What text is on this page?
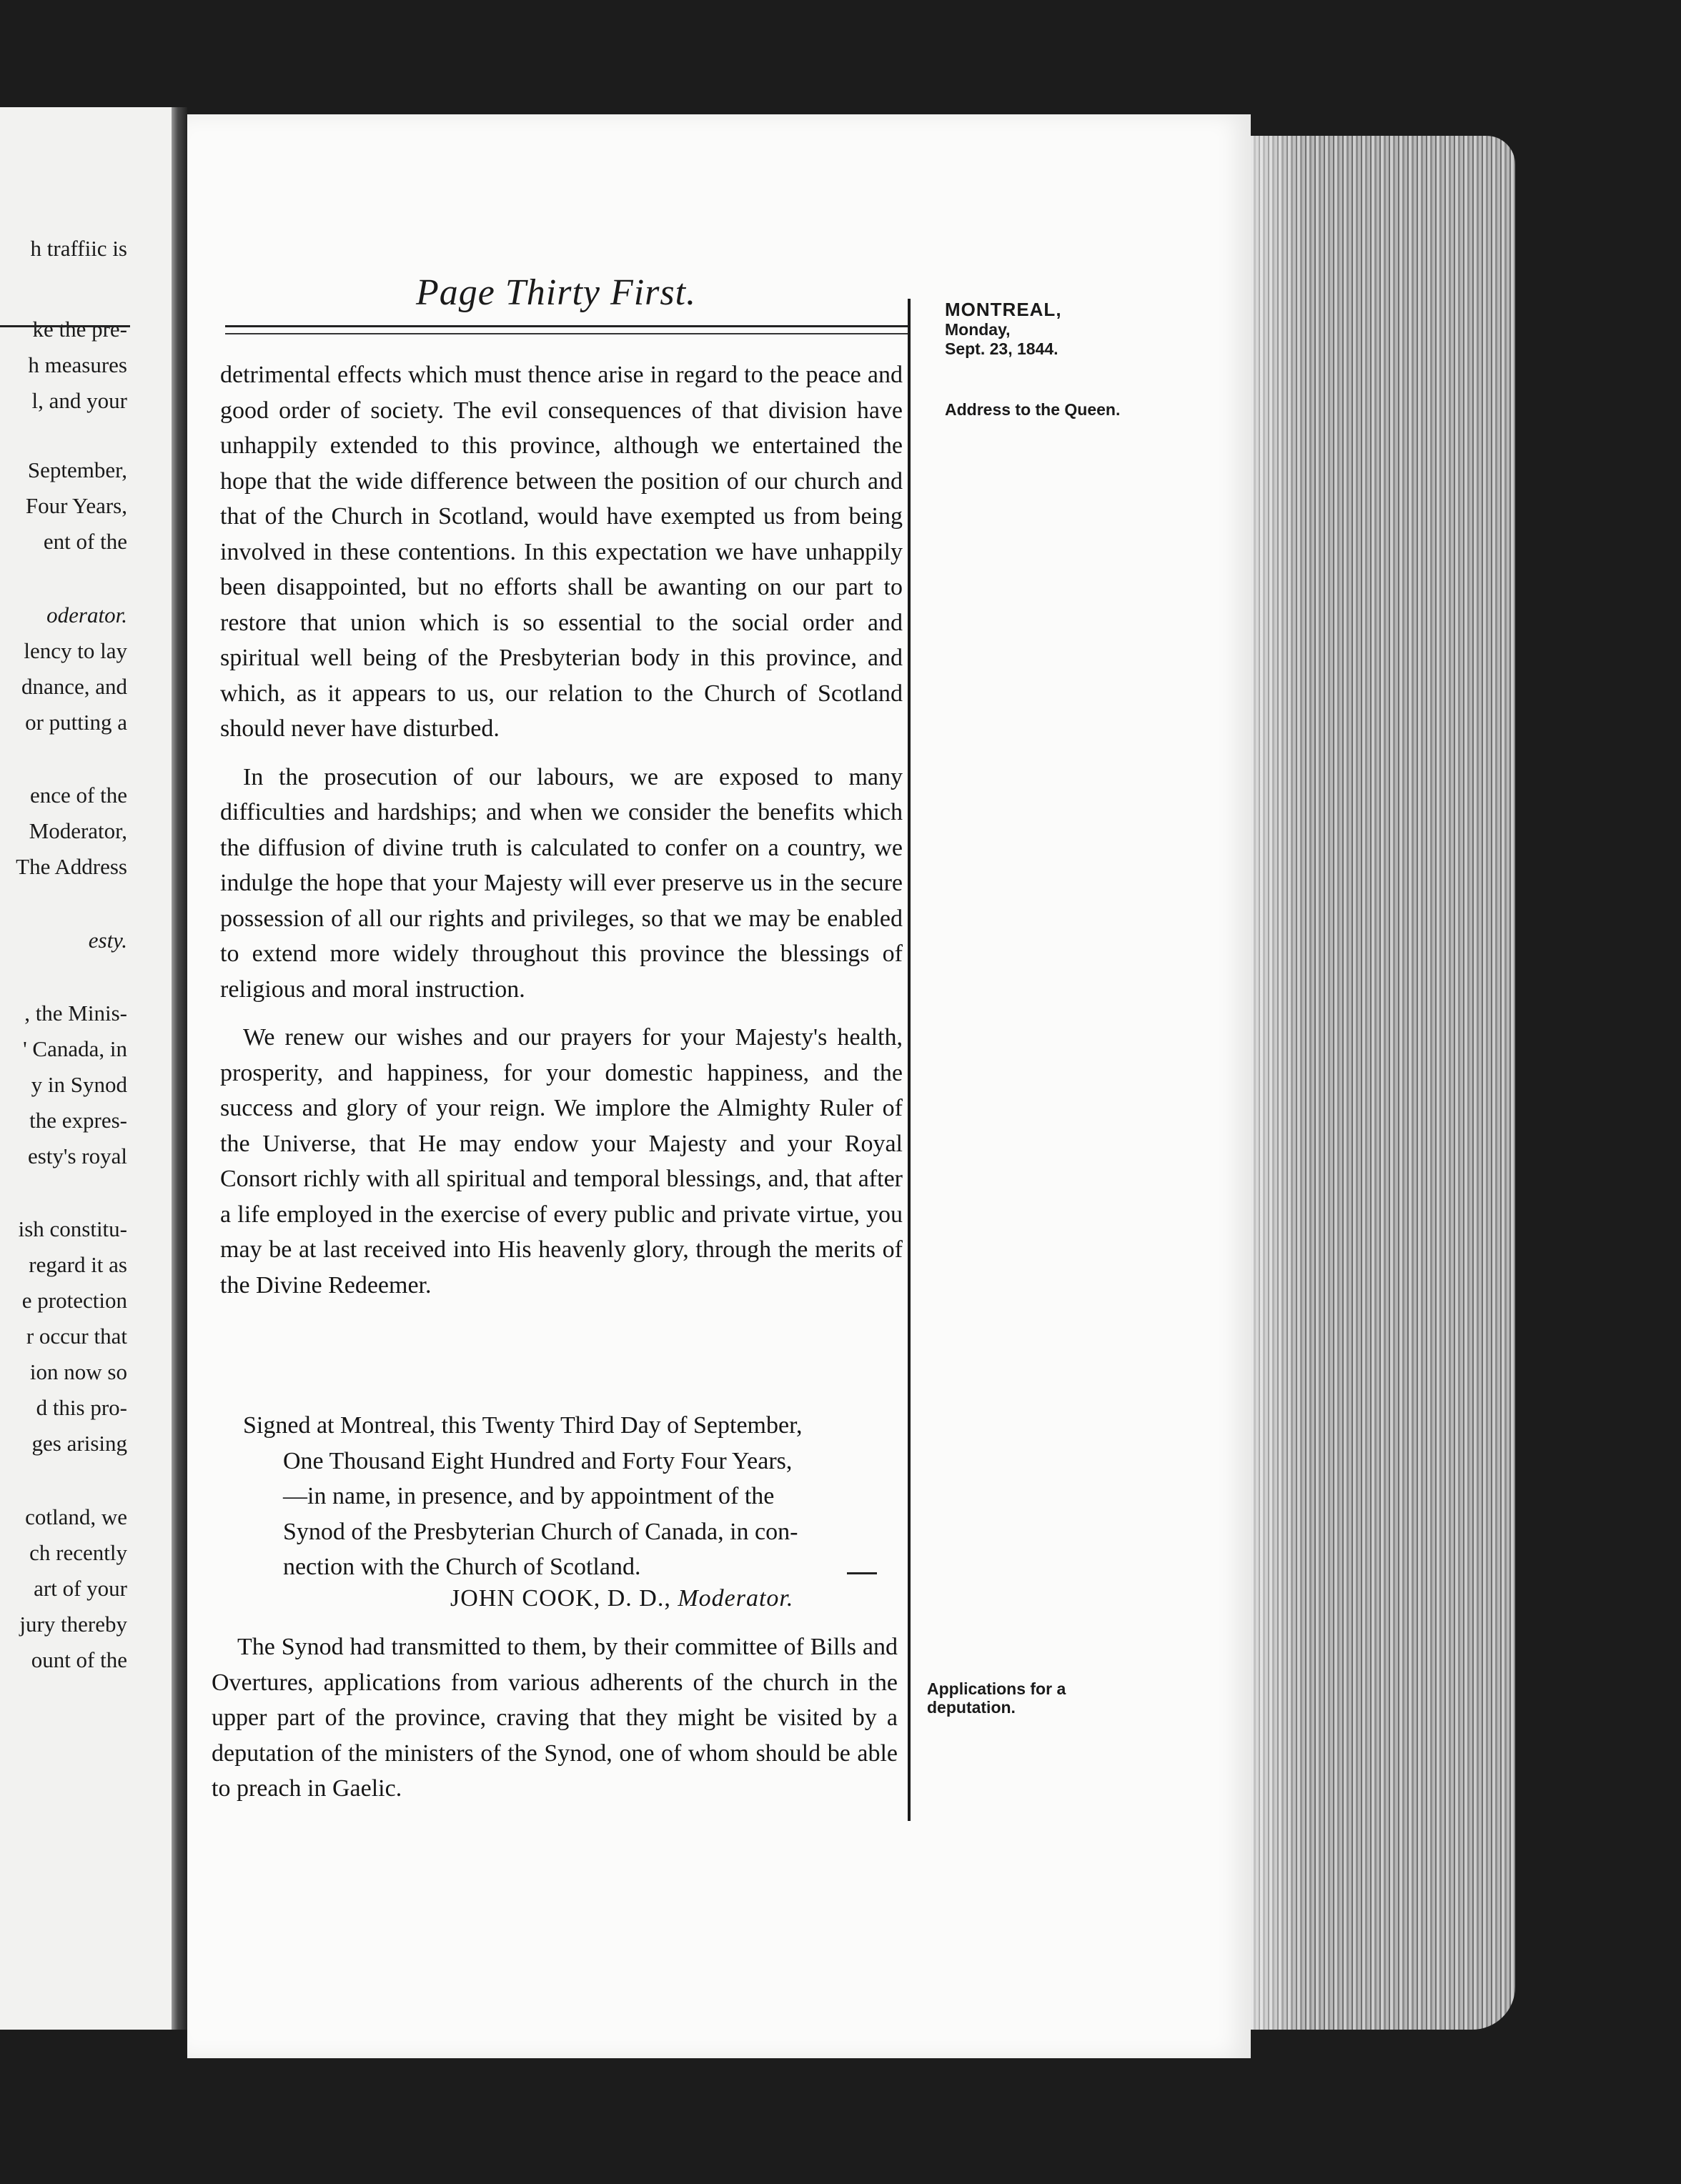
h traffiic is
ke the pre-
h measures
l, and your
September,
Four Years,
ent of the
oderator.
lency to lay
dnance, and
or putting a
ence of the
Moderator,
The Address
esty.
, the Minis-
' Canada, in
y in Synod
the expres-
esty's royal
ish constitu-
regard it as
e protection
r occur that
ion now so
d this pro-
ges arising
cotland, we
ch recently
art of your
jury thereby
ount of the
Page Thirty First.	MONTREAL,
Monday,
Sept. 23, 1844.
Address to the Queen.
Applications for a deputation.

detrimental effects which must thence arise in regard to the peace and good order of society. The evil consequences of that division have unhappily extended to this province, although we entertained the hope that the wide difference between the position of our church and that of the Church in Scotland, would have exempted us from being involved in these contentions. In this expectation we have unhappily been disappointed, but no efforts shall be awanting on our part to restore that union which is so essential to the social order and spiritual well being of the Presbyterian body in this province, and which, as it appears to us, our relation to the Church of Scotland should never have disturbed.

In the prosecution of our labours, we are exposed to many difficulties and hardships; and when we consider the benefits which the diffusion of divine truth is calculated to confer on a country, we indulge the hope that your Majesty will ever preserve us in the secure possession of all our rights and privileges, so that we may be enabled to extend more widely throughout this province the blessings of religious and moral instruction.

We renew our wishes and our prayers for your Majesty's health, prosperity, and happiness, for your domestic happiness, and the success and glory of your reign. We implore the Almighty Ruler of the Universe, that He may endow your Majesty and your Royal Consort richly with all spiritual and temporal blessings, and, that after a life employed in the exercise of every public and private virtue, you may be at last received into His heavenly glory, through the merits of the Divine Redeemer.

Signed at Montreal, this Twenty Third Day of September,
One Thousand Eight Hundred and Forty Four Years,
—in name, in presence, and by appointment of the
Synod of the Presbyterian Church of Canada, in con-
nection with the Church of Scotland.
JOHN COOK, D. D., Moderator.

The Synod had transmitted to them, by their committee of Bills and Overtures, applications from various adherents of the church in the upper part of the province, craving that they might be visited by a deputation of the ministers of the Synod, one of whom should be able to preach in Gaelic.
